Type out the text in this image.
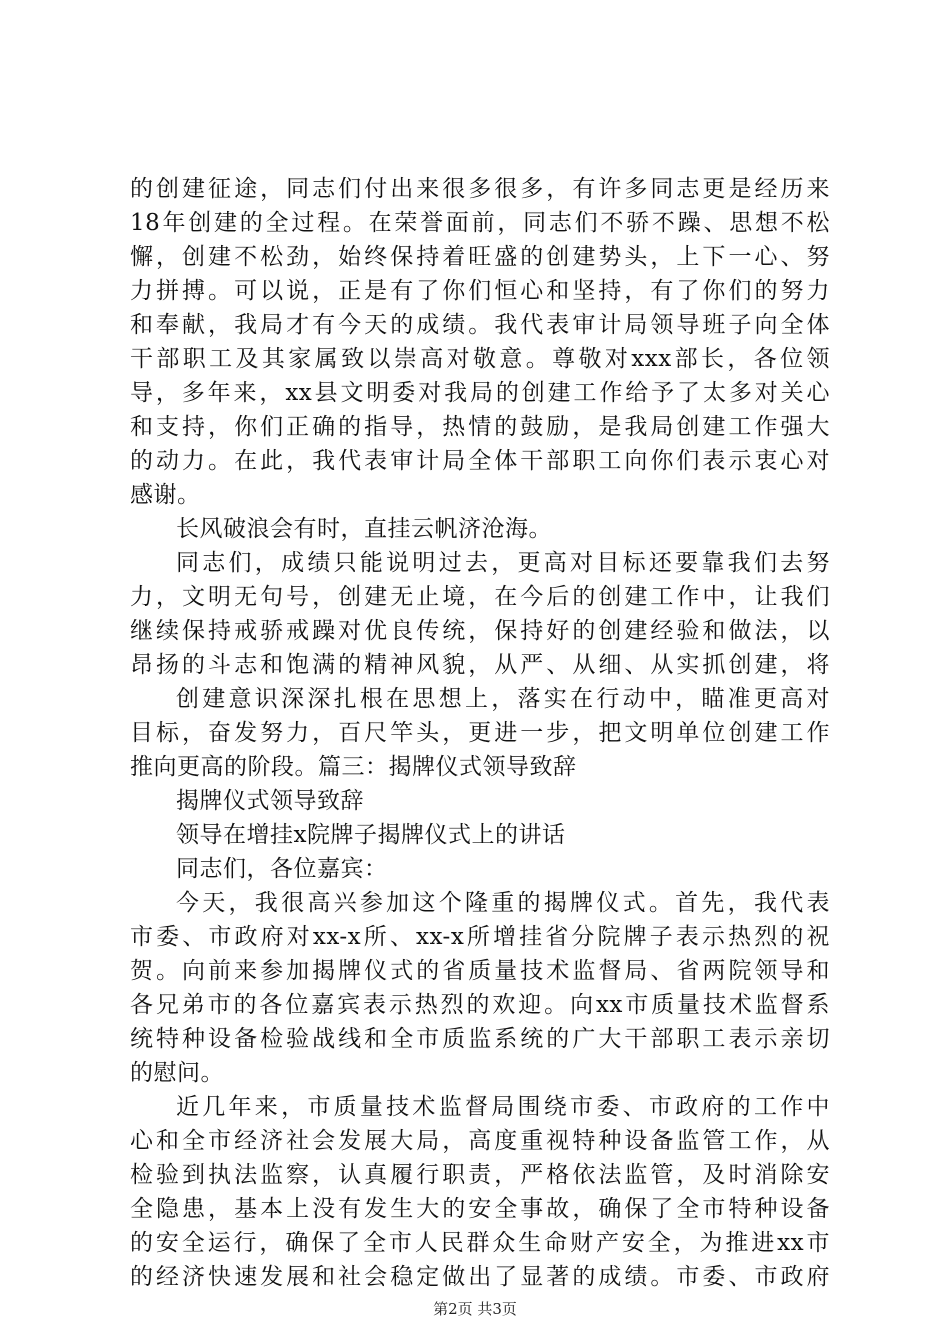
的创建征途，同志们付出来很多很多，有许多同志更是经历来
18年创建的全过程。在荣誉面前，同志们不骄不躁、思想不松
懈，创建不松劲，始终保持着旺盛的创建势头，上下一心、努
力拼搏。可以说，正是有了你们恒心和坚持，有了你们的努力
和奉献，我局才有今天的成绩。我代表审计局领导班子向全体
干部职工及其家属致以崇高对敬意。尊敬对xxx部长，各位领
导，多年来，xx县文明委对我局的创建工作给予了太多对关心
和支持，你们正确的指导，热情的鼓励，是我局创建工作强大
的动力。在此，我代表审计局全体干部职工向你们表示衷心对
感谢。
长风破浪会有时，直挂云帆济沧海。
同志们，成绩只能说明过去，更高对目标还要靠我们去努
力，文明无句号，创建无止境，在今后的创建工作中，让我们
继续保持戒骄戒躁对优良传统，保持好的创建经验和做法，以
昂扬的斗志和饱满的精神风貌，从严、从细、从实抓创建，将
创建意识深深扎根在思想上，落实在行动中，瞄准更高对
目标，奋发努力，百尺竿头，更进一步，把文明单位创建工作
推向更高的阶段。篇三：揭牌仪式领导致辞
揭牌仪式领导致辞
领导在增挂x院牌子揭牌仪式上的讲话
同志们，各位嘉宾：
今天，我很高兴参加这个隆重的揭牌仪式。首先，我代表
市委、市政府对xx-x所、xx-x所增挂省分院牌子表示热烈的祝
贺。向前来参加揭牌仪式的省质量技术监督局、省两院领导和
各兄弟市的各位嘉宾表示热烈的欢迎。向xx市质量技术监督系
统特种设备检验战线和全市质监系统的广大干部职工表示亲切
的慰问。
近几年来，市质量技术监督局围绕市委、市政府的工作中
心和全市经济社会发展大局，高度重视特种设备监管工作，从
检验到执法监察，认真履行职责，严格依法监管，及时消除安
全隐患，基本上没有发生大的安全事故，确保了全市特种设备
的安全运行，确保了全市人民群众生命财产安全，为推进xx市
的经济快速发展和社会稳定做出了显著的成绩。市委、市政府
第2页 共3页
